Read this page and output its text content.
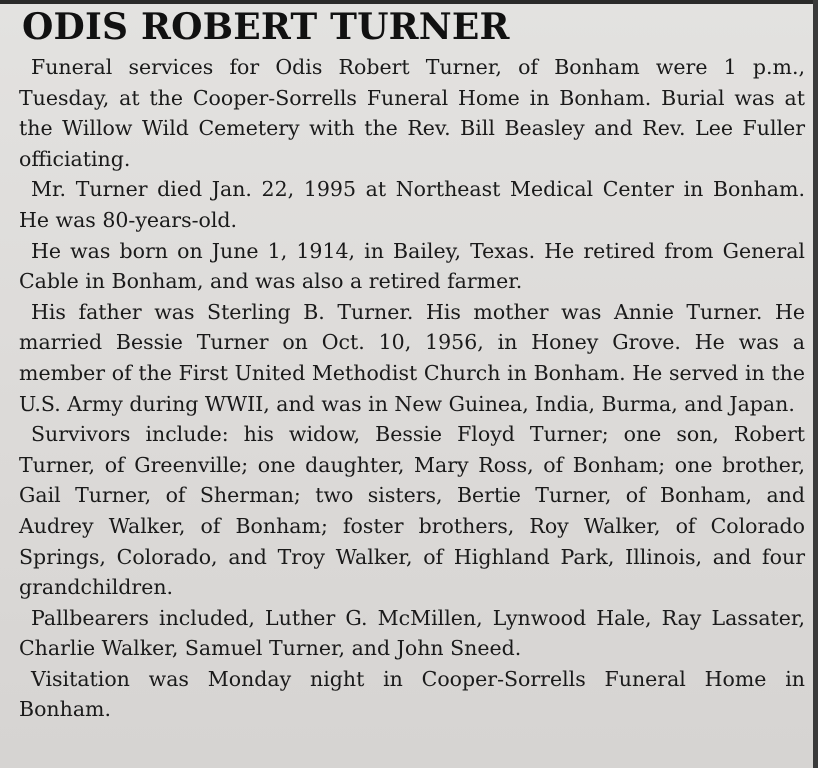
ODIS ROBERT TURNER

Funeral services for Odis Robert Turner, of Bonham were 1 p.m., Tuesday, at the Cooper-Sorrells Funeral Home in Bonham. Burial was at the Willow Wild Cemetery with the Rev. Bill Beasley and Rev. Lee Fuller officiating.

Mr. Turner died Jan. 22, 1995 at Northeast Medical Center in Bonham. He was 80-years-old.

He was born on June 1, 1914, in Bailey, Texas. He retired from General Cable in Bonham, and was also a retired farmer.

His father was Sterling B. Turner. His mother was Annie Turner. He married Bessie Turner on Oct. 10, 1956, in Honey Grove. He was a member of the First United Methodist Church in Bonham. He served in the U.S. Army during WWII, and was in New Guinea, India, Burma, and Japan.

Survivors include: his widow, Bessie Floyd Turner; one son, Robert Turner, of Greenville; one daughter, Mary Ross, of Bonham; one brother, Gail Turner, of Sherman; two sisters, Bertie Turner, of Bonham, and Audrey Walker, of Bonham; foster brothers, Roy Walker, of Colorado Springs, Colorado, and Troy Walker, of Highland Park, Illinois, and four grandchildren.

Pallbearers included, Luther G. McMillen, Lynwood Hale, Ray Lassater, Charlie Walker, Samuel Turner, and John Sneed.

Visitation was Monday night in Cooper-Sorrells Funeral Home in Bonham.
